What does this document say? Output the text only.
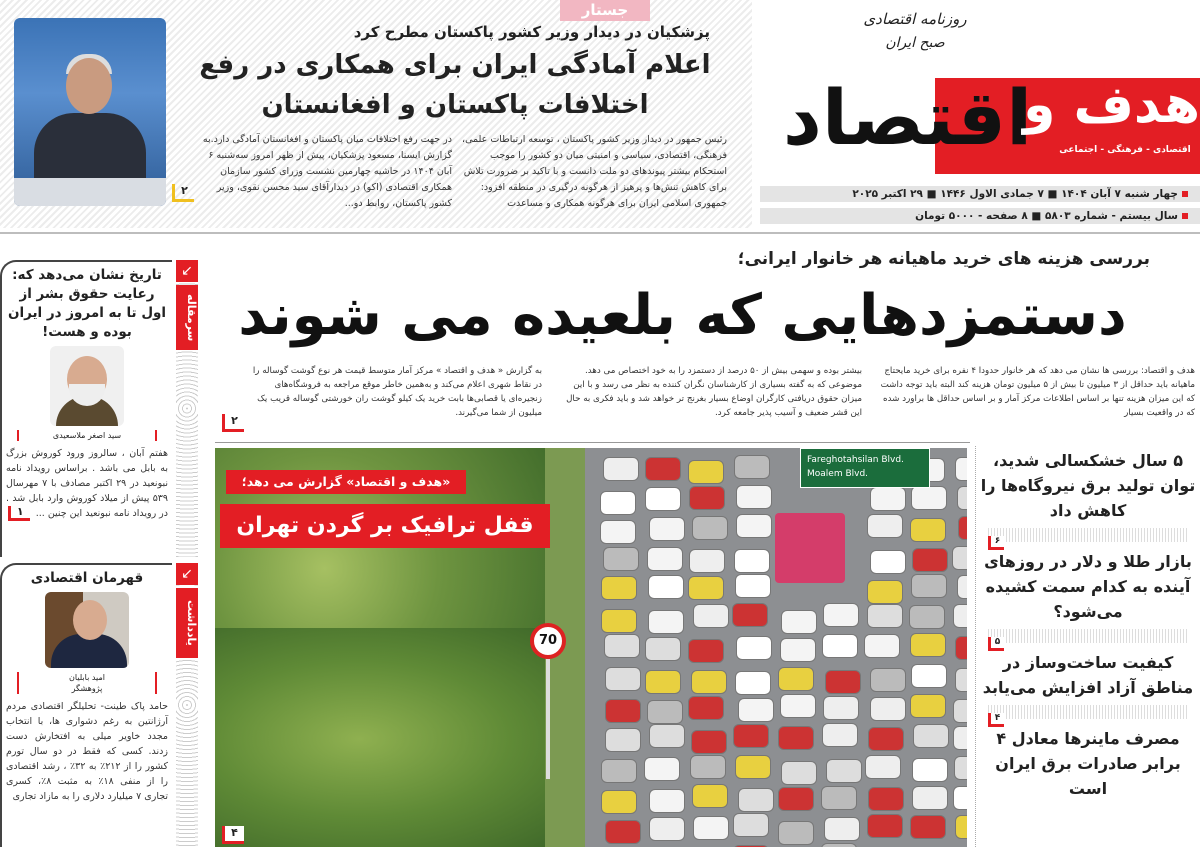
جستار
پزشکیان در دیدار وزیر کشور پاکستان مطرح کرد
اعلام آمادگی ایران برای همکاری در رفع اختلافات پاکستان و افغانستان
رئیس جمهور در دیدار وزیر کشور پاکستان ، توسعه ارتباطات علمی، فرهنگی، اقتصادی، سیاسی و امنیتی میان دو کشور را موجب استحکام بیشتر پیوندهای دو ملت دانست و با تاکید بر ضرورت تلاش برای کاهش تنش‌ها و پرهیز از هرگونه درگیری در منطقه افزود: جمهوری اسلامی ایران برای هرگونه همکاری و مساعدت
در جهت رفع اختلافات میان پاکستان و افغانستان آمادگی دارد.به گزارش ایسنا، مسعود پزشکیان، پیش از ظهر امروز سه‌شنبه ۶ آبان ۱۴۰۴ در حاشیه چهارمین نشست وزرای کشور سازمان همکاری اقتصادی (اکو) در دیدارآقای سید محسن نقوی، وزیر کشور پاکستان، روابط دو...
۲
اقتصاد
هدف و
روزنامه اقتصادی
صبح ایران
اقتصادی - فرهنگی - اجتماعی
چهار شنبه ۷ آبان ۱۴۰۴ ■ ۷ جمادی الاول ۱۴۴۶ ■ ۲۹ اکتبر ۲۰۲۵
سال بیستم - شماره ۵۸۰۳ ■ ۸ صفحه - ۵۰۰۰ تومان
↙
سرمقاله
تاریخ نشان می‌دهد که: رعایت حقوق بشر از اول تا به امروز در ایران بوده و هست!
سید اصغر ملاسعیدی
هفتم آبان ، سالروز ورود کوروش بزرگ به بابل می باشد . براساس رویداد نامه نبونعید در ۲۹ اکتبر مصادف با ۷ مهرسال ۵۳۹ پیش از میلاد کوروش وارد بابل شد . در رویداد نامه نبونعید این چنین ...۱
↙
یادداشت
قهرمان اقتصادی
امید بابلیان
پژوهشگر
حامد پاک طینت- تحلیلگر اقتصادی مردم آرژانتین به رغم دشواری ها، با انتخاب مجدد خاویر میلی به افتخارش دست زدند. کسی که فقط در دو سال تورم کشور را از ۲۱۲٪ به ۳۲٪ ، رشد اقتصادی را از منفی ۱۸٪ به مثبت ۸٪، کسری تجاری ۷ میلیارد دلاری را به مازاد تجاری
بررسی هزینه های خرید ماهیانه هر خانوار ایرانی؛
دستمزدهایی که بلعیده می شوند
هدف و اقتصاد: بررسی ها نشان می دهد که هر خانوار حدودا ۴ نفره برای خرید مایحتاج ماهیانه باید حداقل از ۳ میلیون تا بیش از ۵ میلیون تومان هزینه کند البته باید توجه داشت که این میزان هزینه تنها بر اساس اطلاعات مرکز آمار و بر اساس حداقل ها براورد شده که در واقعیت بسیار
بیشتر بوده و سهمی بیش از ۵۰ درصد از دستمزد را به خود اختصاص می دهد. موضوعی که به گفته بسیاری از کارشناسان نگران کننده به نظر می رسد و با این میزان حقوق دریافتی کارگران اوضاع بسیار بغرنج تر خواهد شد و باید فکری به حال این قشر ضعیف و آسیب پذیر جامعه کرد.
به گزارش « هدف و اقتصاد » مرکز آمار متوسط قیمت هر نوع گوشت گوساله را در نقاط شهری اعلام می‌کند و به‌همین خاطر موقع مراجعه به فروشگاه‌های زنجیره‌ای یا قصابی‌ها بابت خرید یک کیلو گوشت ران خورشتی گوساله قریب یک میلیون از شما می‌گیرند.
۲
Fareghotahsilan Blvd.
Moalem Blvd.
70
«هدف و اقتصاد» گزارش می دهد؛
قفل ترافیک بر گردن تهران
۴
۵ سال خشکسالی شدید، توان تولید برق نیروگاه‌ها را کاهش داد
۶
بازار طلا و دلار در روزهای آینده به کدام سمت کشیده می‌شود؟
۵
کیفیت ساخت‌وساز در مناطق آزاد افزایش می‌یابد
۴
مصرف ماینرها معادل ۴ برابر صادرات برق ایران است
